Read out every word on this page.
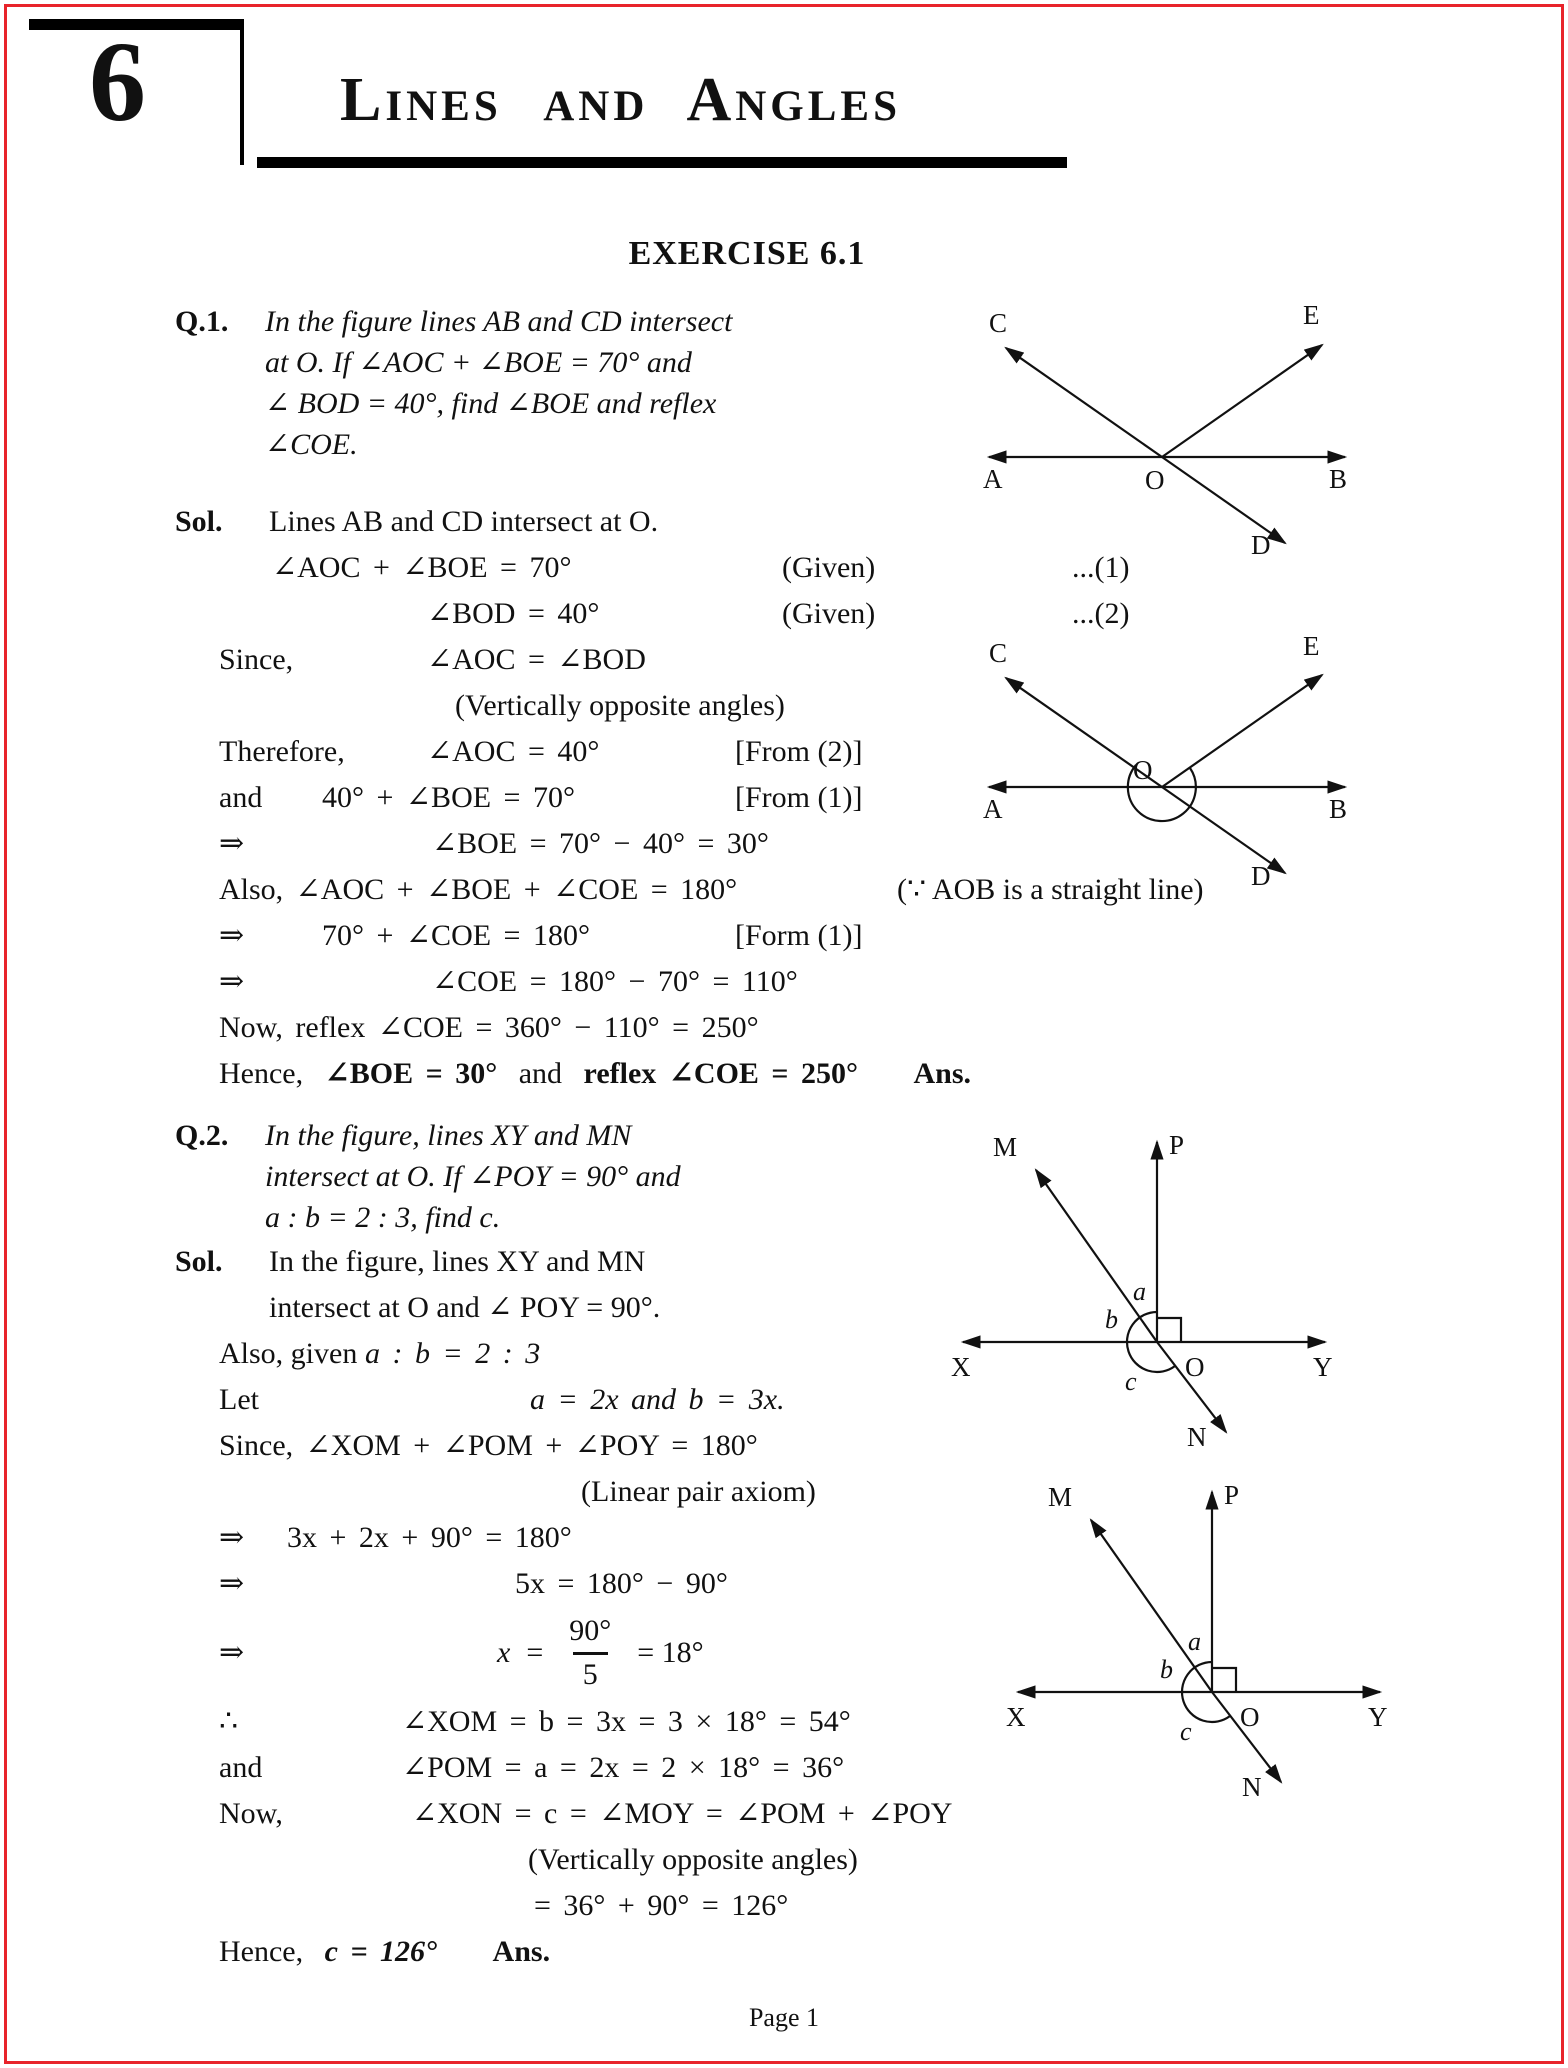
6	Lines and Angles
EXERCISE 6.1
Q.1. In the figure lines AB and CD intersect
at O. If ∠AOC + ∠BOE = 70° and
∠ BOD = 40°, find ∠BOE and reflex
∠COE.
Sol. Lines AB and CD intersect at O.
∠AOC + ∠BOE = 70°	(Given)	...(1)
∠BOD = 40°	(Given)	...(2)
Since,	∠AOC = ∠BOD
(Vertically opposite angles)
Therefore,	∠AOC = 40°	[From (2)]
and 40° + ∠BOE = 70°	[From (1)]
⇒	∠BOE = 70° − 40° = 30°
Also, ∠AOC + ∠BOE + ∠COE = 180°	(∵ AOB is a straight line)
⇒	70° + ∠COE = 180°	[Form (1)]
⇒	∠COE = 180° − 70° = 110°
Now, reflex ∠COE = 360° − 110° = 250°
Hence, ∠BOE = 30° and reflex ∠COE = 250° Ans.
Q.2. In the figure, lines XY and MN
intersect at O. If ∠POY = 90° and
a : b = 2 : 3, find c.
Sol. In the figure, lines XY and MN
intersect at O and ∠ POY = 90°.
Also, given a : b = 2 : 3
Let	a = 2x and b = 3x.
Since, ∠XOM + ∠POM + ∠POY = 180°
(Linear pair axiom)
⇒ 3x + 2x + 90° = 180°
⇒	5x = 180° − 90°
⇒	$x = \frac{90^\circ}{5} = 18^\circ$
∴	∠XOM = b = 3x = 3 × 18° = 54°
and	∠POM = a = 2x = 2 × 18° = 36°
Now,	∠XON = c = ∠MOY = ∠POM + ∠POY
(Vertically opposite angles)
= 36° + 90° = 126°
Hence, c = 126° Ans.
A	B
O
C	E
D
A	B
O
C	E
D
X	Y
M
N
P
O
a
b
c
X	Y
M
N
P
O
a
b
c
Page 1
